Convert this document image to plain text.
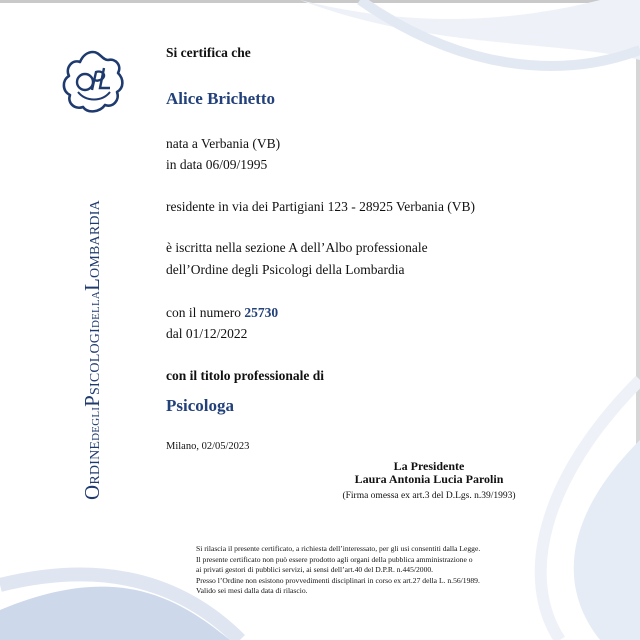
ORDINEDEGLIPSICOLOGIDELLALOMBARDIA
Si certifica che
Alice Brichetto
nata a Verbania (VB)
in data 06/09/1995
residente in via dei Partigiani 123 - 28925 Verbania (VB)
è iscritta nella sezione A dell’Albo professionale
dell’Ordine degli Psicologi della Lombardia
con il numero 25730
dal 01/12/2022
con il titolo professionale di
Psicologa
Milano, 02/05/2023
La Presidente
Laura Antonia Lucia Parolin
(Firma omessa ex art.3 del D.Lgs. n.39/1993)
Si rilascia il presente certificato, a richiesta dell’interessato, per gli usi consentiti dalla Legge.
Il presente certificato non può essere prodotto agli organi della pubblica amministrazione o
ai privati gestori di pubblici servizi, ai sensi dell’art.40 del D.P.R. n.445/2000.
Presso l’Ordine non esistono provvedimenti disciplinari in corso ex art.27 della L. n.56/1989.
Valido sei mesi dalla data di rilascio.
